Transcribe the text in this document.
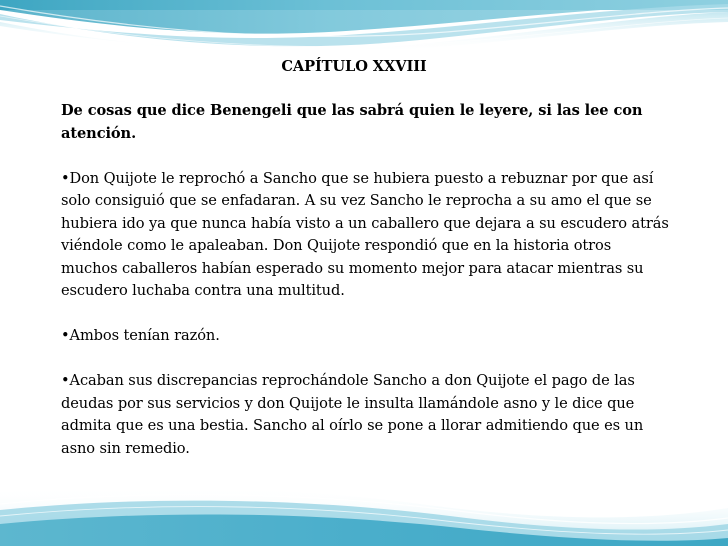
CAPÍTULO XXVIII
De cosas que dice Benengeli que las sabrá quien le leyere, si las lee con atención.
•Don Quijote le reprochó a Sancho que se hubiera puesto a rebuznar por que así solo consiguió que se enfadaran. A su vez Sancho le reprocha a su amo el que se hubiera ido ya que nunca había visto a un caballero que dejara a su escudero atrás viéndole como le apaleaban. Don Quijote respondió que en la historia otros muchos caballeros habían esperado su momento mejor para atacar mientras su escudero luchaba contra una multitud.
•Ambos tenían razón.
•Acaban sus discrepancias reprochándole Sancho a don Quijote el pago de las deudas por sus servicios y don Quijote le insulta llamándole asno y le dice que admita que es una bestia. Sancho al oírlo se pone a llorar admitiendo que es un asno sin remedio.
